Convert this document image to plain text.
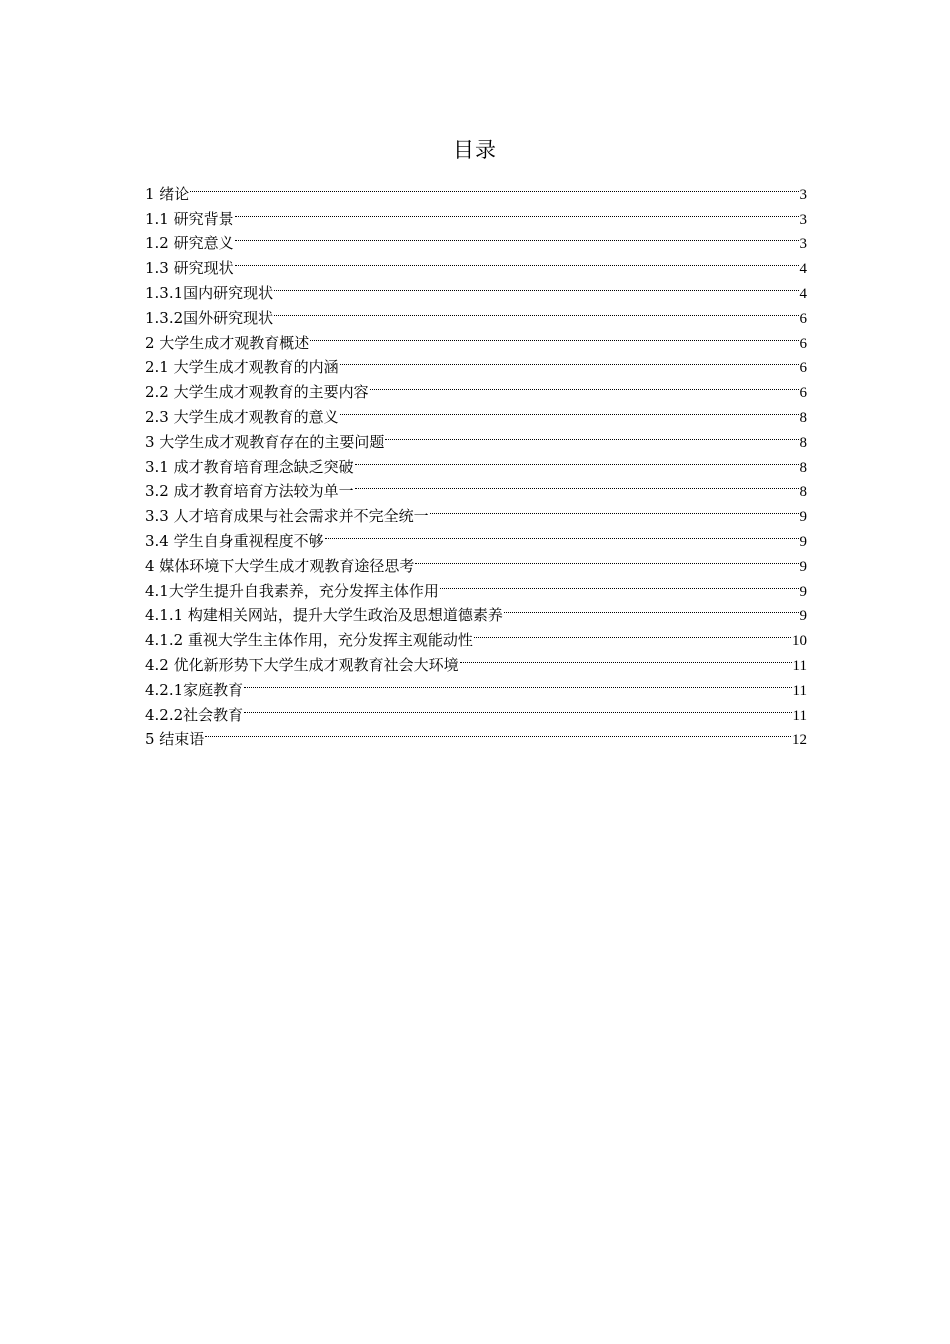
目录
1 绪论	3
1.1 研究背景	3
1.2 研究意义	3
1.3 研究现状	4
1.3.1国内研究现状	4
1.3.2国外研究现状	6
2 大学生成才观教育概述	6
2.1 大学生成才观教育的内涵	6
2.2 大学生成才观教育的主要内容	6
2.3 大学生成才观教育的意义	8
3 大学生成才观教育存在的主要问题	8
3.1 成才教育培育理念缺乏突破	8
3.2 成才教育培育方法较为单一	8
3.3 人才培育成果与社会需求并不完全统一	9
3.4 学生自身重视程度不够	9
4 媒体环境下大学生成才观教育途径思考	9
4.1大学生提升自我素养，充分发挥主体作用	9
4.1.1 构建相关网站，提升大学生政治及思想道德素养	9
4.1.2 重视大学生主体作用，充分发挥主观能动性	10
4.2 优化新形势下大学生成才观教育社会大环境	11
4.2.1家庭教育	11
4.2.2社会教育	11
5 结束语	12
